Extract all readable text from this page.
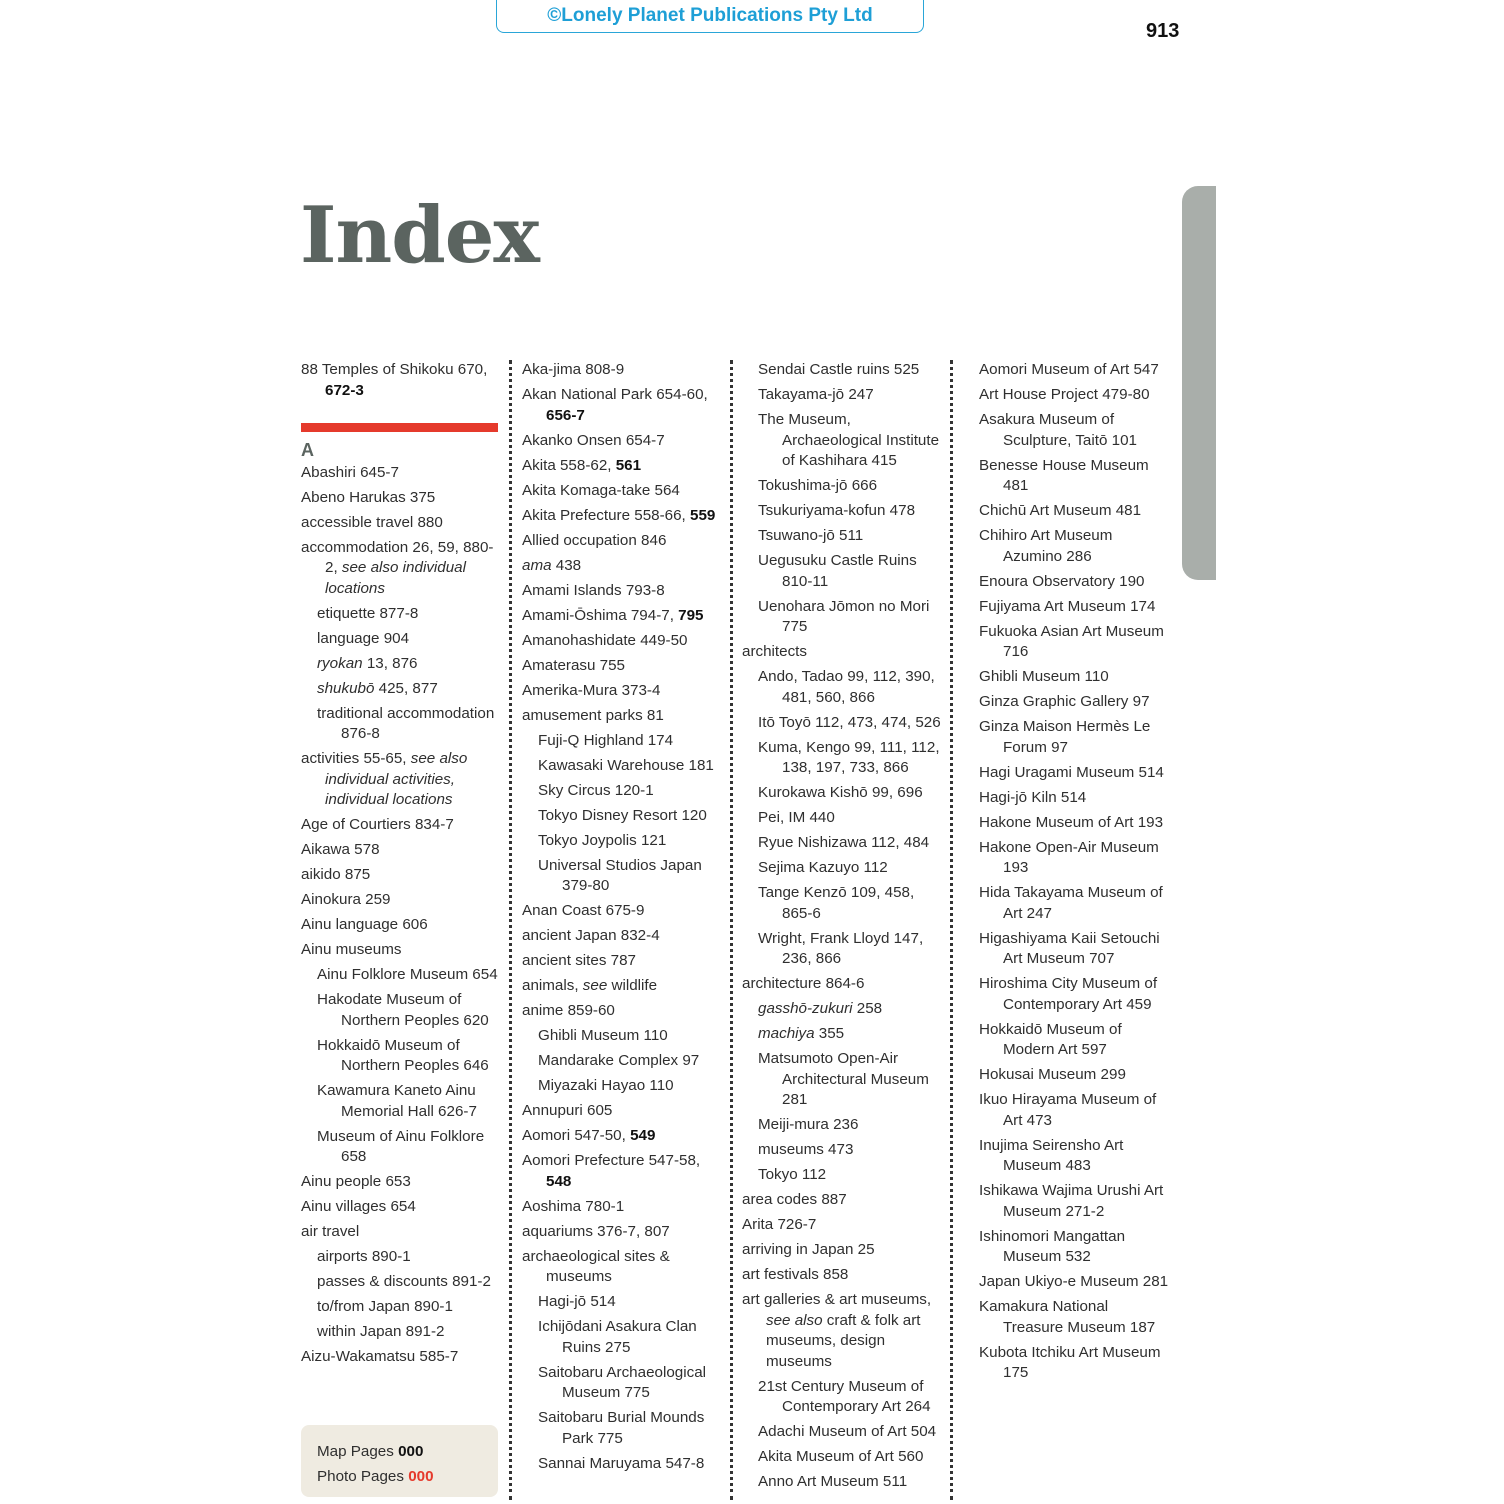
©Lonely Planet Publications Pty Ltd
913
Index
88 Temples of Shikoku 670, 672-3
A
Abashiri 645-7
Abeno Harukas 375
accessible travel 880
accommodation 26, 59, 880-2, see also individual locations
etiquette 877-8
language 904
ryokan 13, 876
shukubō 425, 877
traditional accommodation 876-8
activities 55-65, see also individual activities, individual locations
Age of Courtiers 834-7
Aikawa 578
aikido 875
Ainokura 259
Ainu language 606
Ainu museums
Ainu Folklore Museum 654
Hakodate Museum of Northern Peoples 620
Hokkaidō Museum of Northern Peoples 646
Kawamura Kaneto Ainu Memorial Hall 626-7
Museum of Ainu Folklore 658
Ainu people 653
Ainu villages 654
air travel
airports 890-1
passes & discounts 891-2
to/from Japan 890-1
within Japan 891-2
Aizu-Wakamatsu 585-7
Aka-jima 808-9
Akan National Park 654-60, 656-7
Akanko Onsen 654-7
Akita 558-62, 561
Akita Komaga-take 564
Akita Prefecture 558-66, 559
Allied occupation 846
ama 438
Amami Islands 793-8
Amami-Ōshima 794-7, 795
Amanohashidate 449-50
Amaterasu 755
Amerika-Mura 373-4
amusement parks 81
Fuji-Q Highland 174
Kawasaki Warehouse 181
Sky Circus 120-1
Tokyo Disney Resort 120
Tokyo Joypolis 121
Universal Studios Japan 379-80
Anan Coast 675-9
ancient Japan 832-4
ancient sites 787
animals, see wildlife
anime 859-60
Ghibli Museum 110
Mandarake Complex 97
Miyazaki Hayao 110
Annupuri 605
Aomori 547-50, 549
Aomori Prefecture 547-58, 548
Aoshima 780-1
aquariums 376-7, 807
archaeological sites & museums
Hagi-jō 514
Ichijōdani Asakura Clan Ruins 275
Saitobaru Archaeological Museum 775
Saitobaru Burial Mounds Park 775
Sannai Maruyama 547-8
Sendai Castle ruins 525
Takayama-jō 247
The Museum, Archaeological Institute of Kashihara 415
Tokushima-jō 666
Tsukuriyama-kofun 478
Tsuwano-jō 511
Uegusuku Castle Ruins 810-11
Uenohara Jōmon no Mori 775
architects
Ando, Tadao 99, 112, 390, 481, 560, 866
Itō Toyō 112, 473, 474, 526
Kuma, Kengo 99, 111, 112, 138, 197, 733, 866
Kurokawa Kishō 99, 696
Pei, IM 440
Ryue Nishizawa 112, 484
Sejima Kazuyo 112
Tange Kenzō 109, 458, 865-6
Wright, Frank Lloyd 147, 236, 866
architecture 864-6
gasshō-zukuri 258
machiya 355
Matsumoto Open-Air Architectural Museum 281
Meiji-mura 236
museums 473
Tokyo 112
area codes 887
Arita 726-7
arriving in Japan 25
art festivals 858
art galleries & art museums, see also craft & folk art museums, design museums
21st Century Museum of Contemporary Art 264
Adachi Museum of Art 504
Akita Museum of Art 560
Anno Art Museum 511
Aomori Museum of Art 547
Art House Project 479-80
Asakura Museum of Sculpture, Taitō 101
Benesse House Museum 481
Chichū Art Museum 481
Chihiro Art Museum Azumino 286
Enoura Observatory 190
Fujiyama Art Museum 174
Fukuoka Asian Art Museum 716
Ghibli Museum 110
Ginza Graphic Gallery 97
Ginza Maison Hermès Le Forum 97
Hagi Uragami Museum 514
Hagi-jō Kiln 514
Hakone Museum of Art 193
Hakone Open-Air Museum 193
Hida Takayama Museum of Art 247
Higashiyama Kaii Setouchi Art Museum 707
Hiroshima City Museum of Contemporary Art 459
Hokkaidō Museum of Modern Art 597
Hokusai Museum 299
Ikuo Hirayama Museum of Art 473
Inujima Seirensho Art Museum 483
Ishikawa Wajima Urushi Art Museum 271-2
Ishinomori Mangattan Museum 532
Japan Ukiyo-e Museum 281
Kamakura National Treasure Museum 187
Kubota Itchiku Art Museum 175
Map Pages 000
Photo Pages 000
